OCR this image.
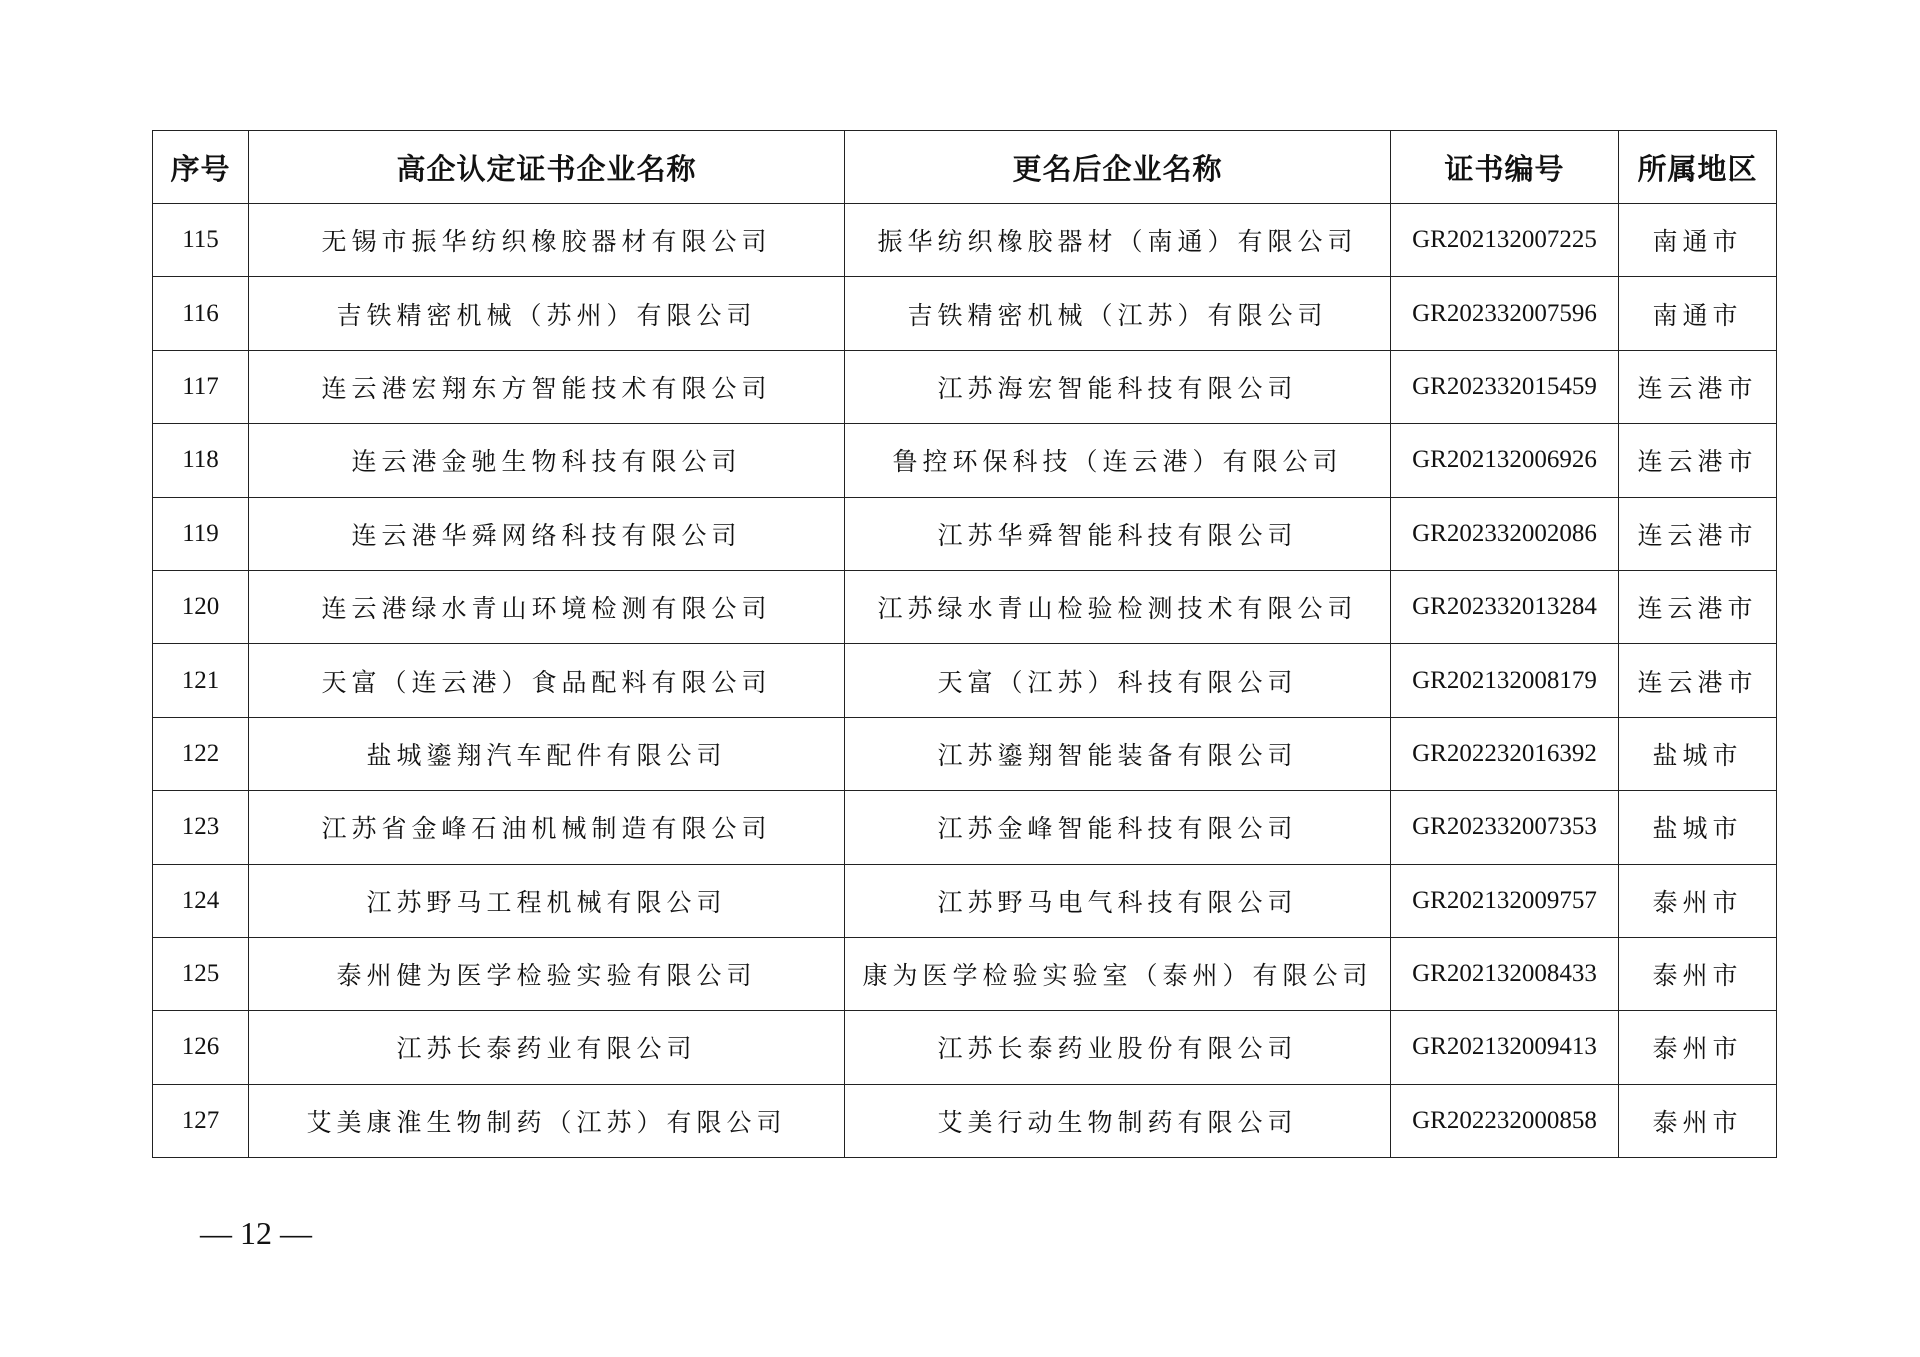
序号	高企认定证书企业名称	更名后企业名称	证书编号	所属地区
115	无锡市振华纺织橡胶器材有限公司	振华纺织橡胶器材（南通）有限公司	GR202132007225	南通市
116	吉铁精密机械（苏州）有限公司	吉铁精密机械（江苏）有限公司	GR202332007596	南通市
117	连云港宏翔东方智能技术有限公司	江苏海宏智能科技有限公司	GR202332015459	连云港市
118	连云港金驰生物科技有限公司	鲁控环保科技（连云港）有限公司	GR202132006926	连云港市
119	连云港华舜网络科技有限公司	江苏华舜智能科技有限公司	GR202332002086	连云港市
120	连云港绿水青山环境检测有限公司	江苏绿水青山检验检测技术有限公司	GR202332013284	连云港市
121	天富（连云港）食品配料有限公司	天富（江苏）科技有限公司	GR202132008179	连云港市
122	盐城鎏翔汽车配件有限公司	江苏鎏翔智能装备有限公司	GR202232016392	盐城市
123	江苏省金峰石油机械制造有限公司	江苏金峰智能科技有限公司	GR202332007353	盐城市
124	江苏野马工程机械有限公司	江苏野马电气科技有限公司	GR202132009757	泰州市
125	泰州健为医学检验实验有限公司	康为医学检验实验室（泰州）有限公司	GR202132008433	泰州市
126	江苏长泰药业有限公司	江苏长泰药业股份有限公司	GR202132009413	泰州市
127	艾美康淮生物制药（江苏）有限公司	艾美行动生物制药有限公司	GR202232000858	泰州市
— 12 —
